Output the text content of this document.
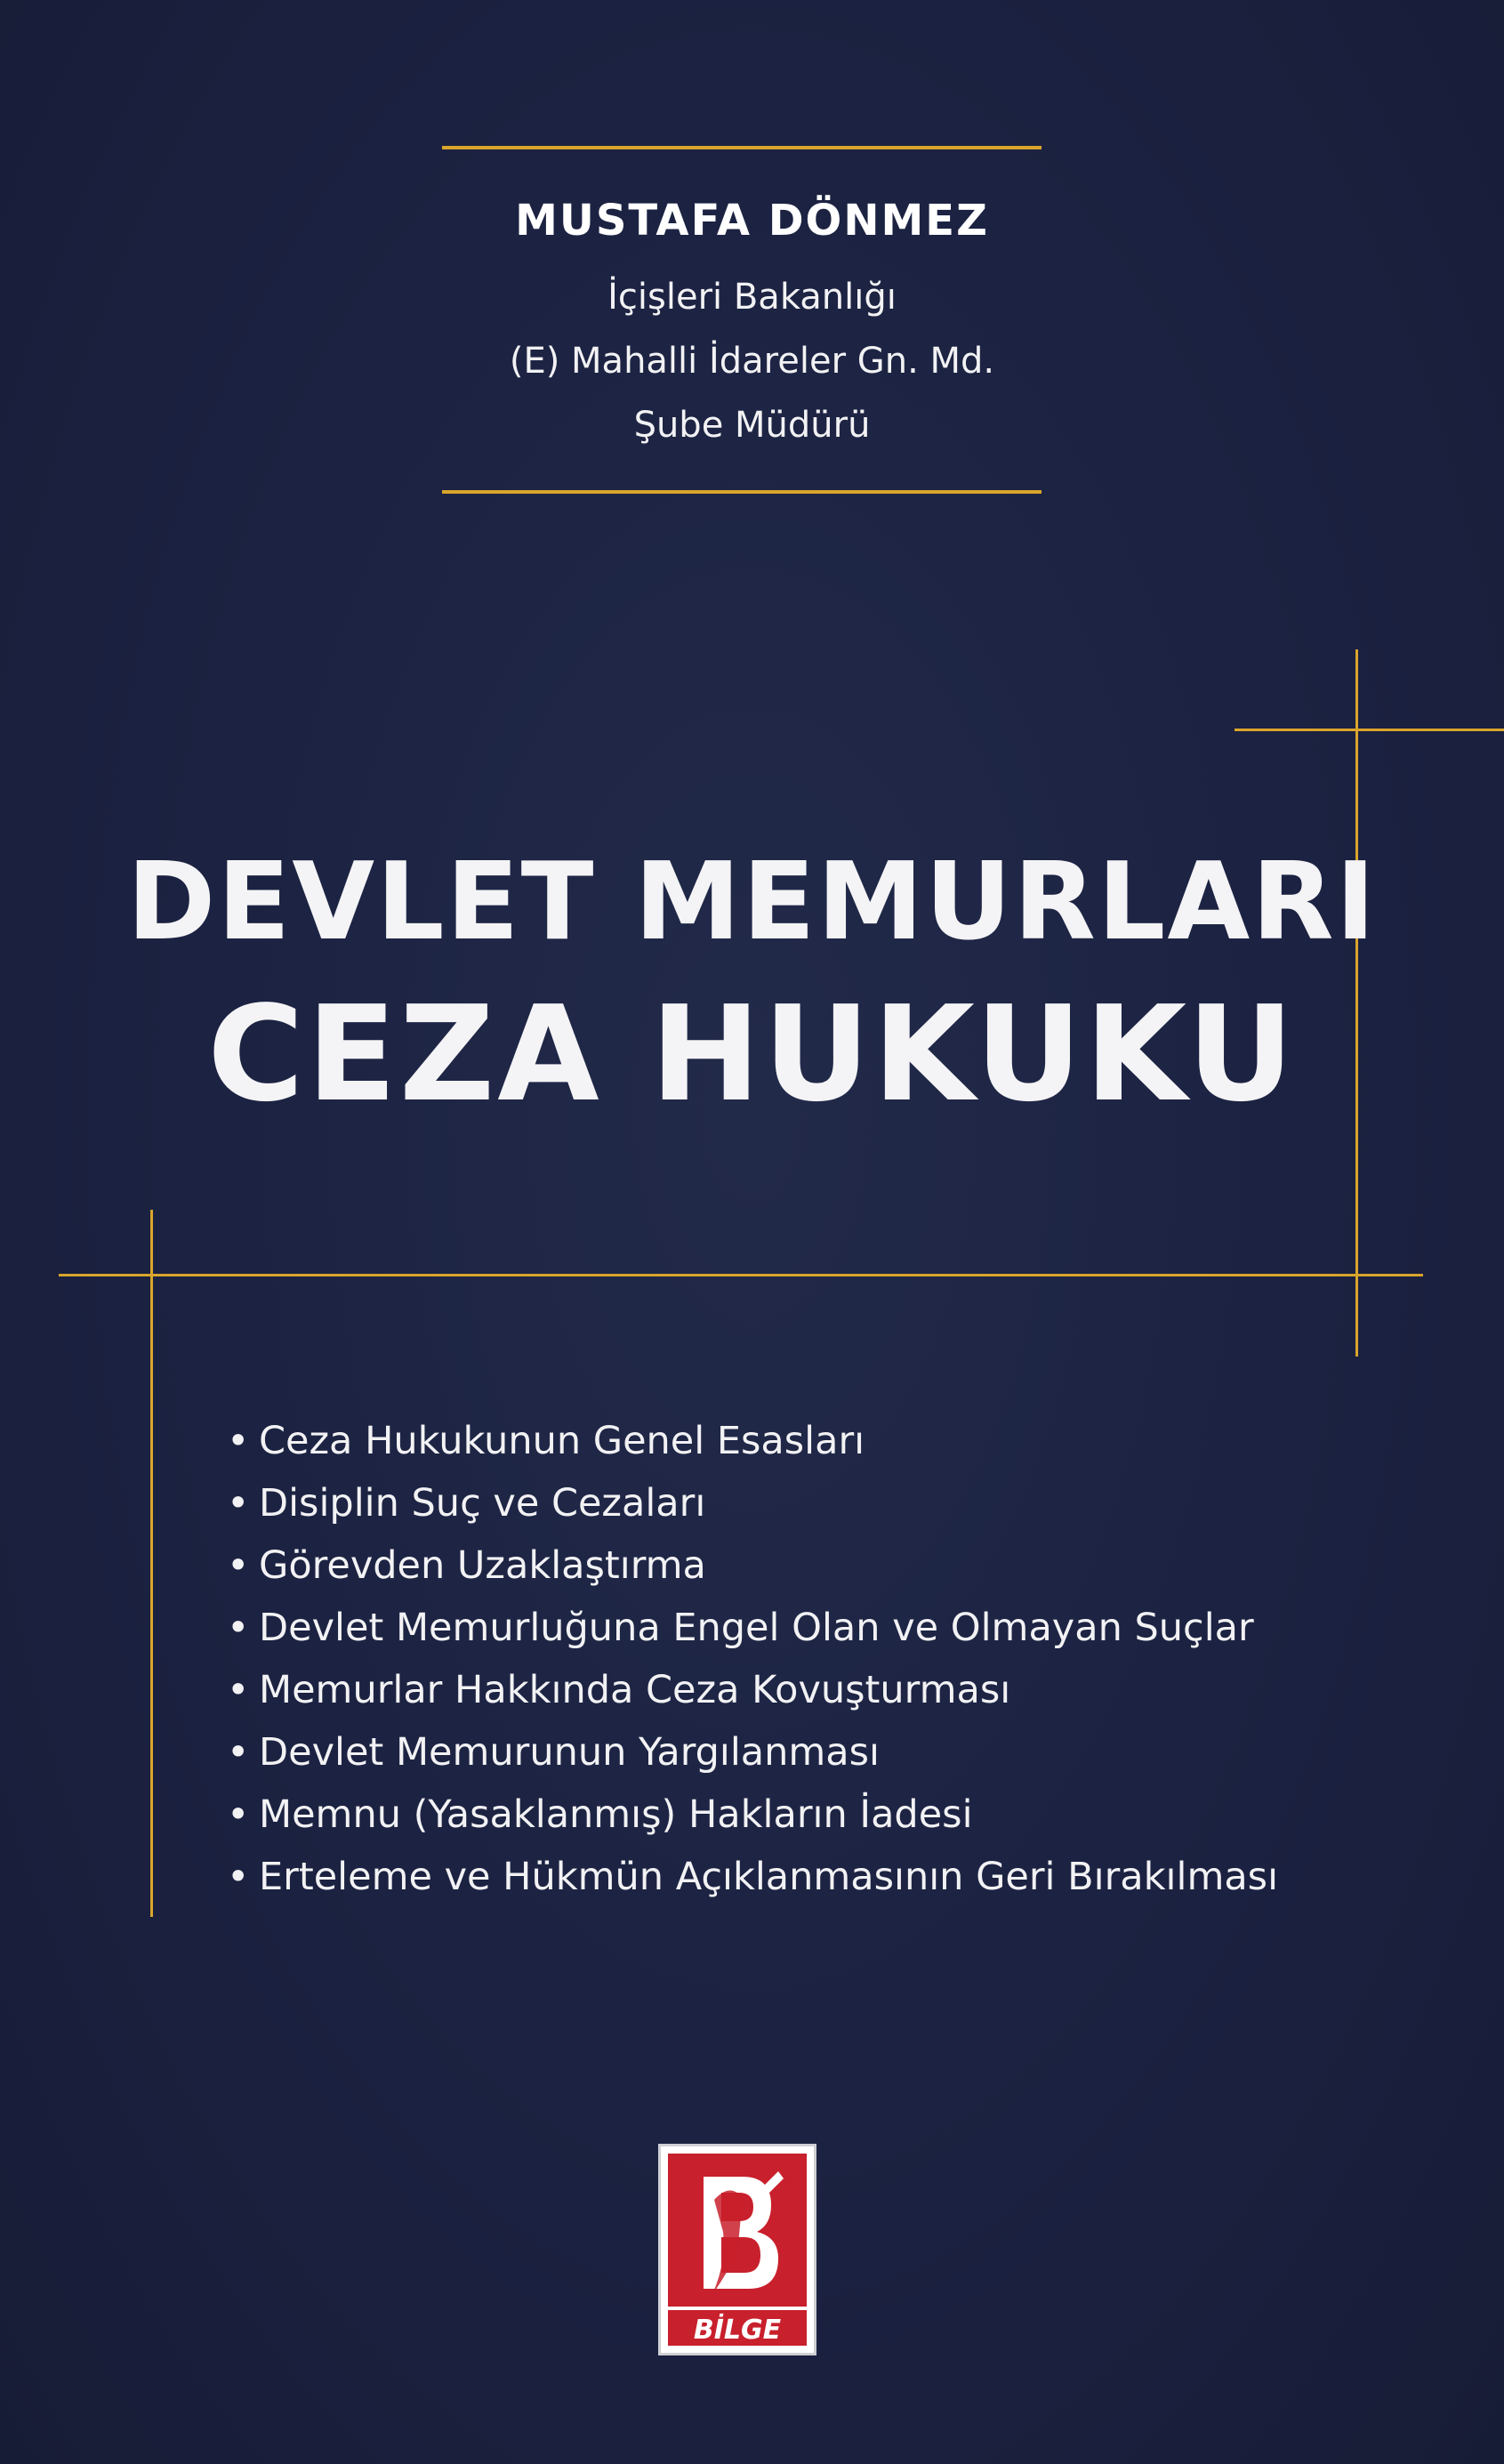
MUSTAFA DÖNMEZ
İçişleri Bakanlığı
(E) Mahalli İdareler Gn. Md.
Şube Müdürü
DEVLET MEMURLARI
CEZA HUKUKU
• Ceza Hukukunun Genel Esasları
• Disiplin Suç ve Cezaları
• Görevden Uzaklaştırma
• Devlet Memurluğuna Engel Olan ve Olmayan Suçlar
• Memurlar Hakkında Ceza Kovuşturması
• Devlet Memurunun Yargılanması
• Memnu (Yasaklanmış) Hakların İadesi
• Erteleme ve Hükmün Açıklanmasının Geri Bırakılması
BİLGE
